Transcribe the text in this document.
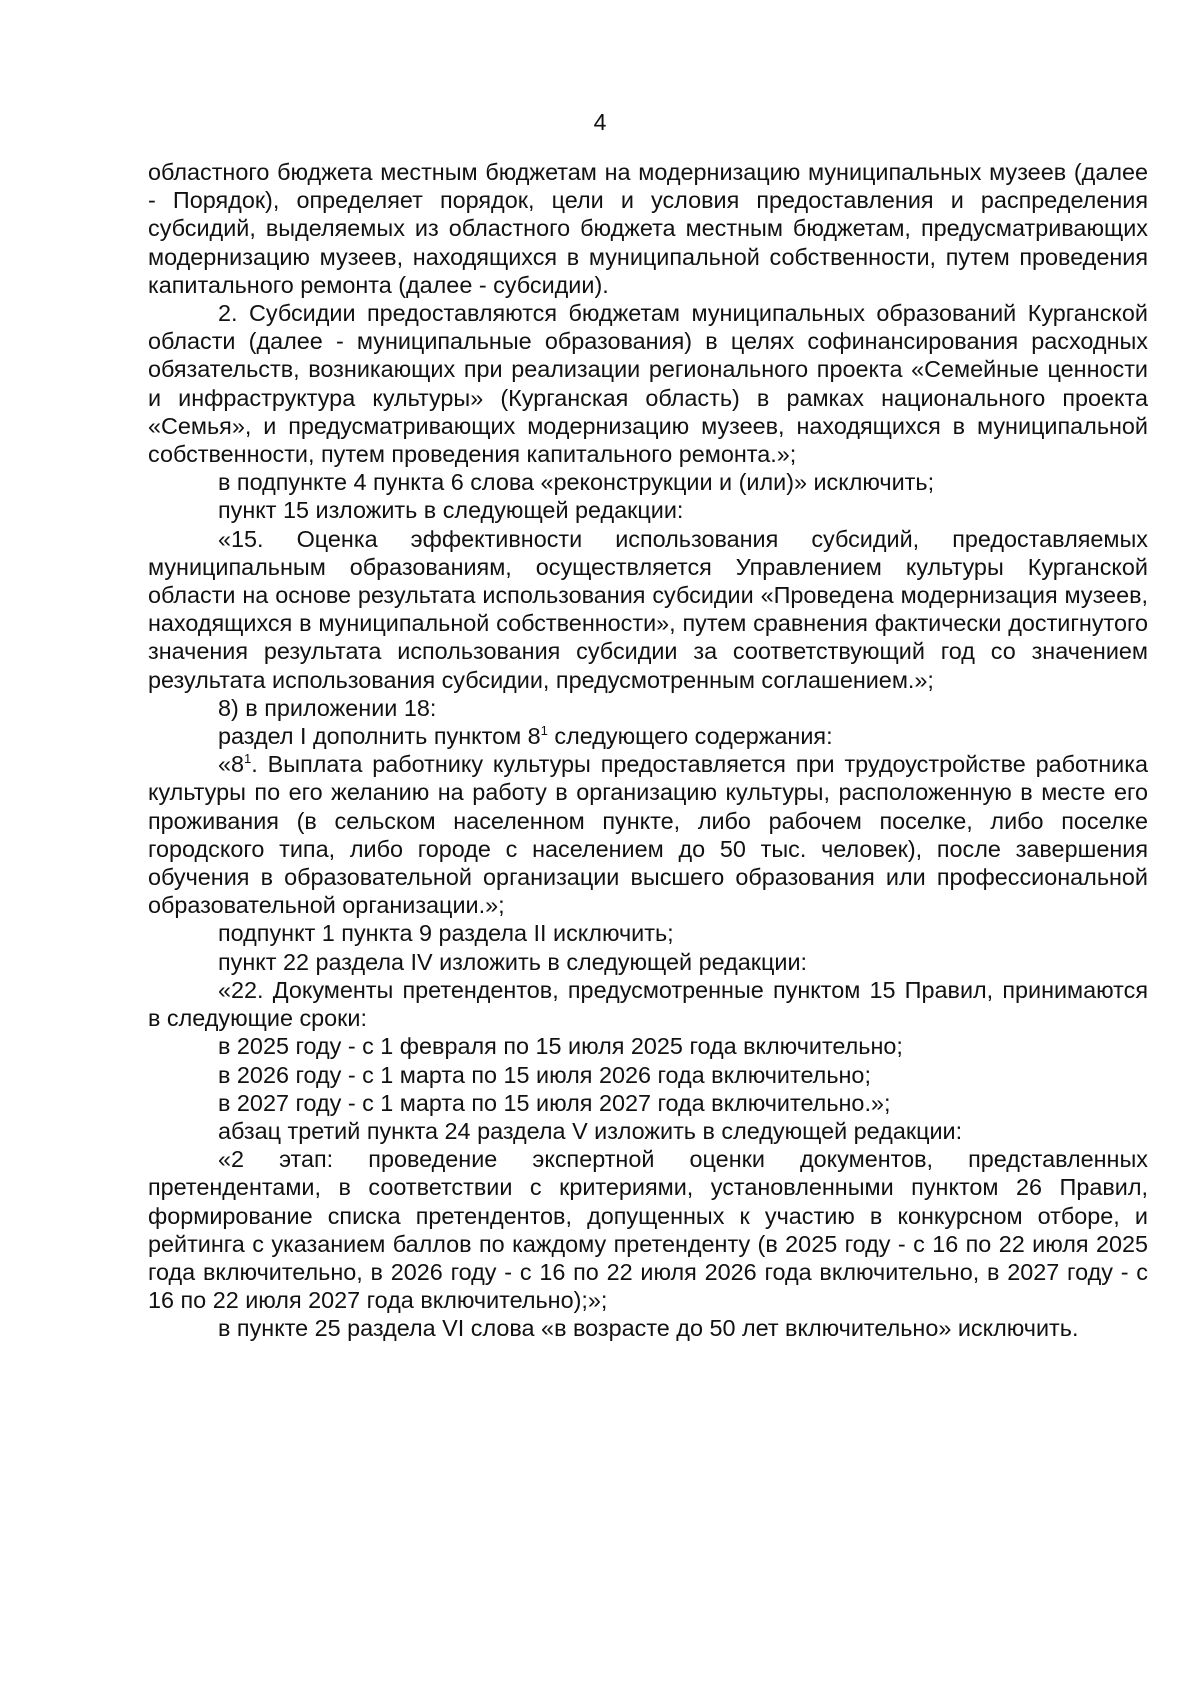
4

областного бюджета местным бюджетам на модернизацию муниципальных музеев (далее - Порядок), определяет порядок, цели и условия предоставления и распределения субсидий, выделяемых из областного бюджета местным бюджетам, предусматривающих модернизацию музеев, находящихся в муниципальной собственности, путем проведения капитального ремонта (далее - субсидии).

2. Субсидии предоставляются бюджетам муниципальных образований Курганской области (далее - муниципальные образования) в целях софинансирования расходных обязательств, возникающих при реализации регионального проекта «Семейные ценности и инфраструктура культуры» (Курганская область) в рамках национального проекта «Семья», и предусматривающих модернизацию музеев, находящихся в муниципальной собственности, путем проведения капитального ремонта.»;

в подпункте 4 пункта 6 слова «реконструкции и (или)» исключить;

пункт 15 изложить в следующей редакции:

«15. Оценка эффективности использования субсидий, предоставляемых муниципальным образованиям, осуществляется Управлением культуры Курганской области на основе результата использования субсидии «Проведена модернизация музеев, находящихся в муниципальной собственности», путем сравнения фактически достигнутого значения результата использования субсидии за соответствующий год со значением результата использования субсидии, предусмотренным соглашением.»;

8) в приложении 18:

раздел I дополнить пунктом $8^1$ следующего содержания:

«$8^1$. Выплата работнику культуры предоставляется при трудоустройстве работника культуры по его желанию на работу в организацию культуры, расположенную в месте его проживания (в сельском населенном пункте, либо рабочем поселке, либо поселке городского типа, либо городе с населением до 50 тыс. человек), после завершения обучения в образовательной организации высшего образования или профессиональной образовательной организации.»;

подпункт 1 пункта 9 раздела II исключить;

пункт 22 раздела IV изложить в следующей редакции:

«22. Документы претендентов, предусмотренные пунктом 15 Правил, принимаются в следующие сроки:

в 2025 году - с 1 февраля по 15 июля 2025 года включительно;

в 2026 году - с 1 марта по 15 июля 2026 года включительно;

в 2027 году - с 1 марта по 15 июля 2027 года включительно.»;

абзац третий пункта 24 раздела V изложить в следующей редакции:

«2 этап: проведение экспертной оценки документов, представленных претендентами, в соответствии с критериями, установленными пунктом 26 Правил, формирование списка претендентов, допущенных к участию в конкурсном отборе, и рейтинга с указанием баллов по каждому претенденту (в 2025 году - с 16 по 22 июля 2025 года включительно, в 2026 году - с 16 по 22 июля 2026 года включительно, в 2027 году - с 16 по 22 июля 2027 года включительно);»;

в пункте 25 раздела VI слова «в возрасте до 50 лет включительно» исключить.
